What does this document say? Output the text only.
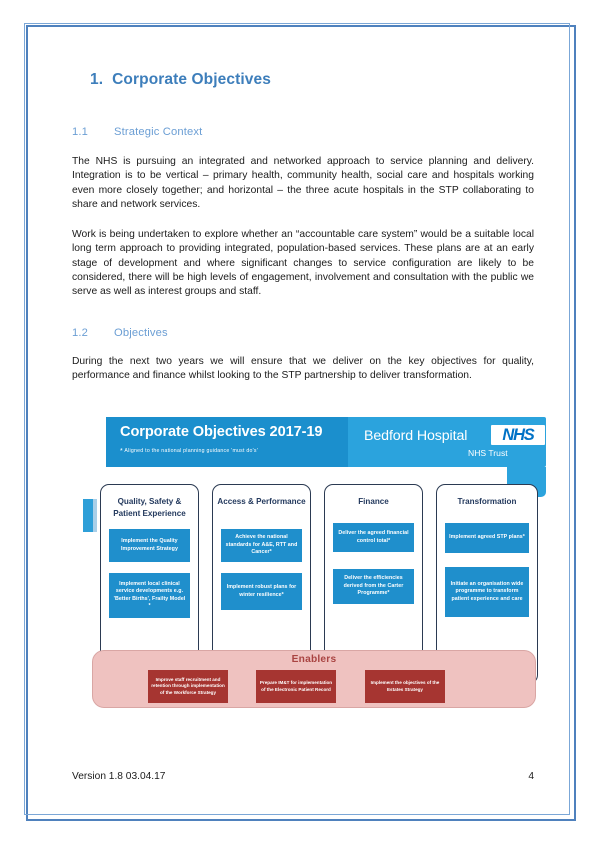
1. Corporate Objectives
1.1 Strategic Context

The NHS is pursuing an integrated and networked approach to service planning and delivery. Integration is to be vertical – primary health, community health, social care and hospitals working even more closely together; and horizontal – the three acute hospitals in the STP collaborating to share and network services.

Work is being undertaken to explore whether an “accountable care system” would be a suitable local long term approach to providing integrated, population-based services. These plans are at an early stage of development and where significant changes to service configuration are likely to be considered, there will be high levels of engagement, involvement and consultation with the public we serve as well as interest groups and staff.

1.2 Objectives

During the next two years we will ensure that we deliver on the key objectives for quality, performance and finance whilst looking to the STP partnership to deliver transformation.

Corporate Objectives 2017-19
* Aligned to the national planning guidance 'must do's'
Bedford Hospital	NHS
NHS Trust
Quality, Safety & Patient Experience
Implement the Quality Improvement Strategy
Implement local clinical service developments e.g. 'Better Births', Frailty Model *
Access & Performance
Achieve the national standards for A&E, RTT and Cancer*
Implement robust plans for winter resilience*
Finance
Deliver the agreed financial control total*
Deliver the efficiencies derived from the Carter Programme*
Transformation
Implement agreed STP plans*
Initiate an organisation wide programme to transform patient experience and care
Enablers
Improve staff recruitment and retention through implementation of the Workforce Strategy
Prepare IM&T for implementation of the Electronic Patient Record
Implement the objectives of the Estates Strategy
Version 1.8 03.04.17	4
